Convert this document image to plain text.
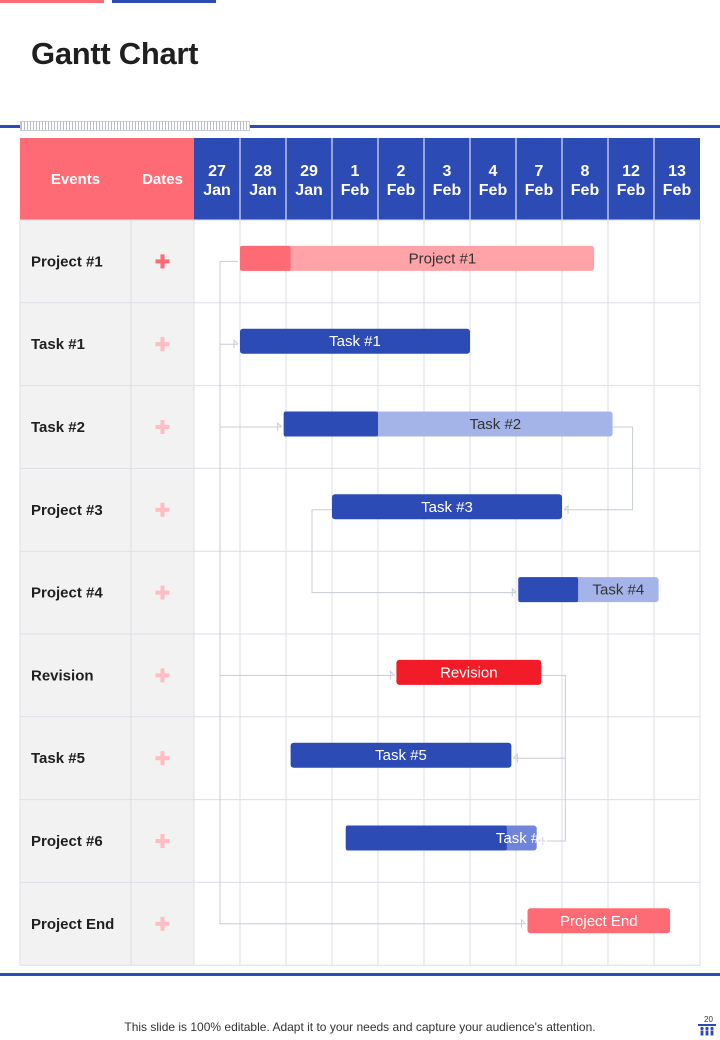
Gantt Chart
Events	Dates 27
Jan
28
Jan
29
Jan
1
Feb
2
Feb
3
Feb
4
Feb
7
Feb
8
Feb
12
Feb
13
Feb
Project #1
Task #1
Task #2
Project #3
Project #4
Revision
Task #5
Project #6
Project End
Project #1
Task #1
Task #2
Task #3
Task #4
Revision
Task #5
Task #6
Project End
This slide is 100% editable. Adapt it to your needs and capture your audience's attention.
20
